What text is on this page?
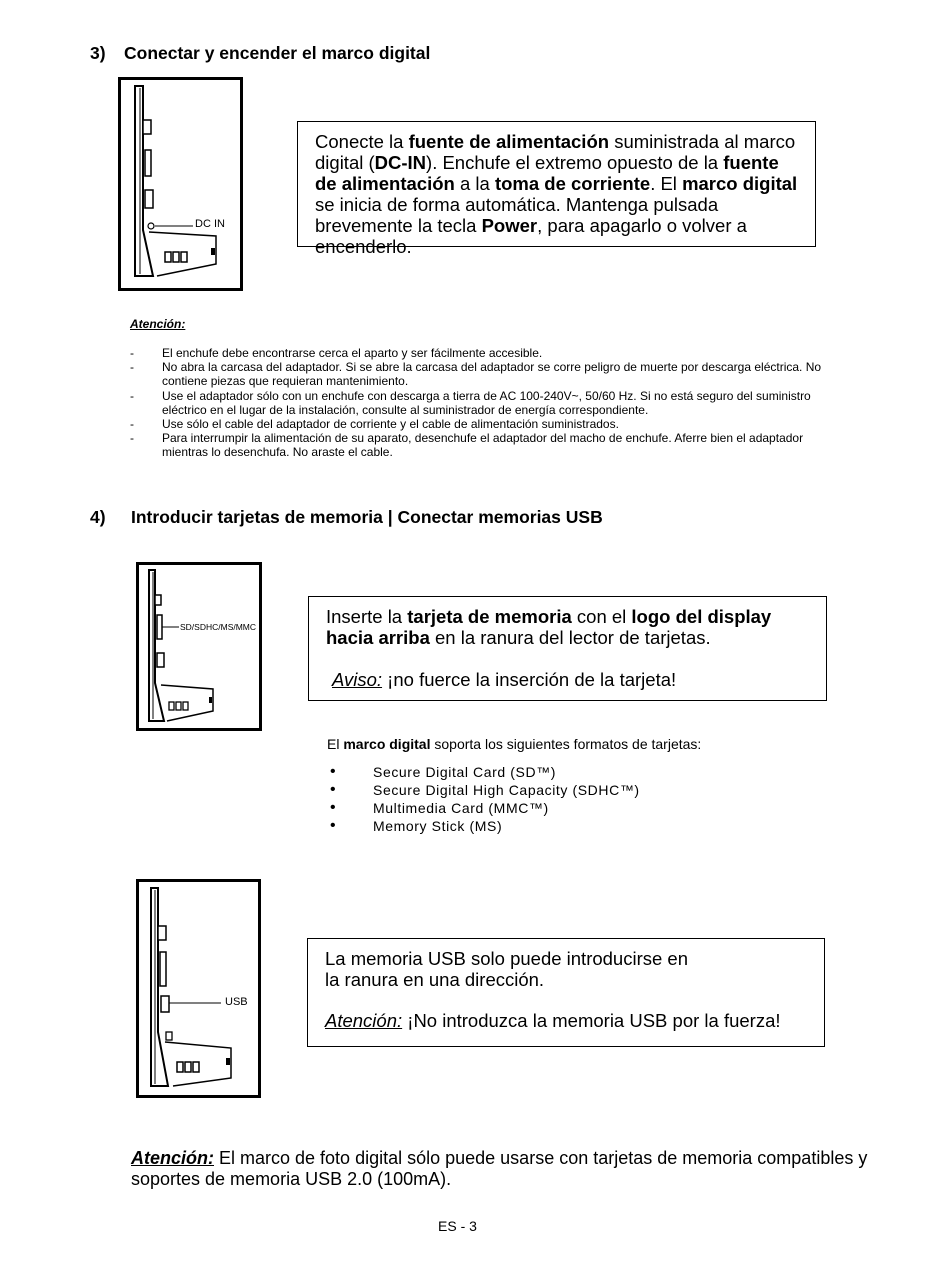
3) Conectar y encender el marco digital
DC IN

Conecte la fuente de alimentación suministrada al marco digital (DC-IN). Enchufe el extremo opuesto de la fuente de alimentación a la toma de corriente. El marco digital se inicia de forma automática. Mantenga pulsada brevemente la tecla Power, para apagarlo o volver a encenderlo.

Atención:
- El enchufe debe encontrarse cerca el aparto y ser fácilmente accesible.
- No abra la carcasa del adaptador. Si se abre la carcasa del adaptador se corre peligro de muerte por descarga eléctrica. No contiene piezas que requieran mantenimiento.
- Use el adaptador sólo con un enchufe con descarga a tierra de AC 100-240V~, 50/60 Hz. Si no está seguro del suministro eléctrico en el lugar de la instalación, consulte al suministrador de energía correspondiente.
- Use sólo el cable del adaptador de corriente y el cable de alimentación suministrados.
- Para interrumpir la alimentación de su aparato, desenchufe el adaptador del macho de enchufe. Aferre bien el adaptador mientras lo desenchufa. No araste el cable.
4) Introducir tarjetas de memoria | Conectar memorias USB
SD/SDHC/MS/MMC	Inserte la tarjeta de memoria con el logo del display hacia arriba en la ranura del lector de tarjetas.

Aviso: ¡no fuerce la inserción de la tarjeta!

El marco digital soporta los siguientes formatos de tarjetas:
• Secure Digital Card (SD™)
• Secure Digital High Capacity (SDHC™)
• Multimedia Card (MMC™)
• Memory Stick (MS)
USB

La memoria USB solo puede introducirse en

la ranura en una dirección.

Atención: ¡No introduzca la memoria USB por la fuerza!

Atención: El marco de foto digital sólo puede usarse con tarjetas de memoria compatibles y soportes de memoria USB 2.0 (100mA).
ES - 3
